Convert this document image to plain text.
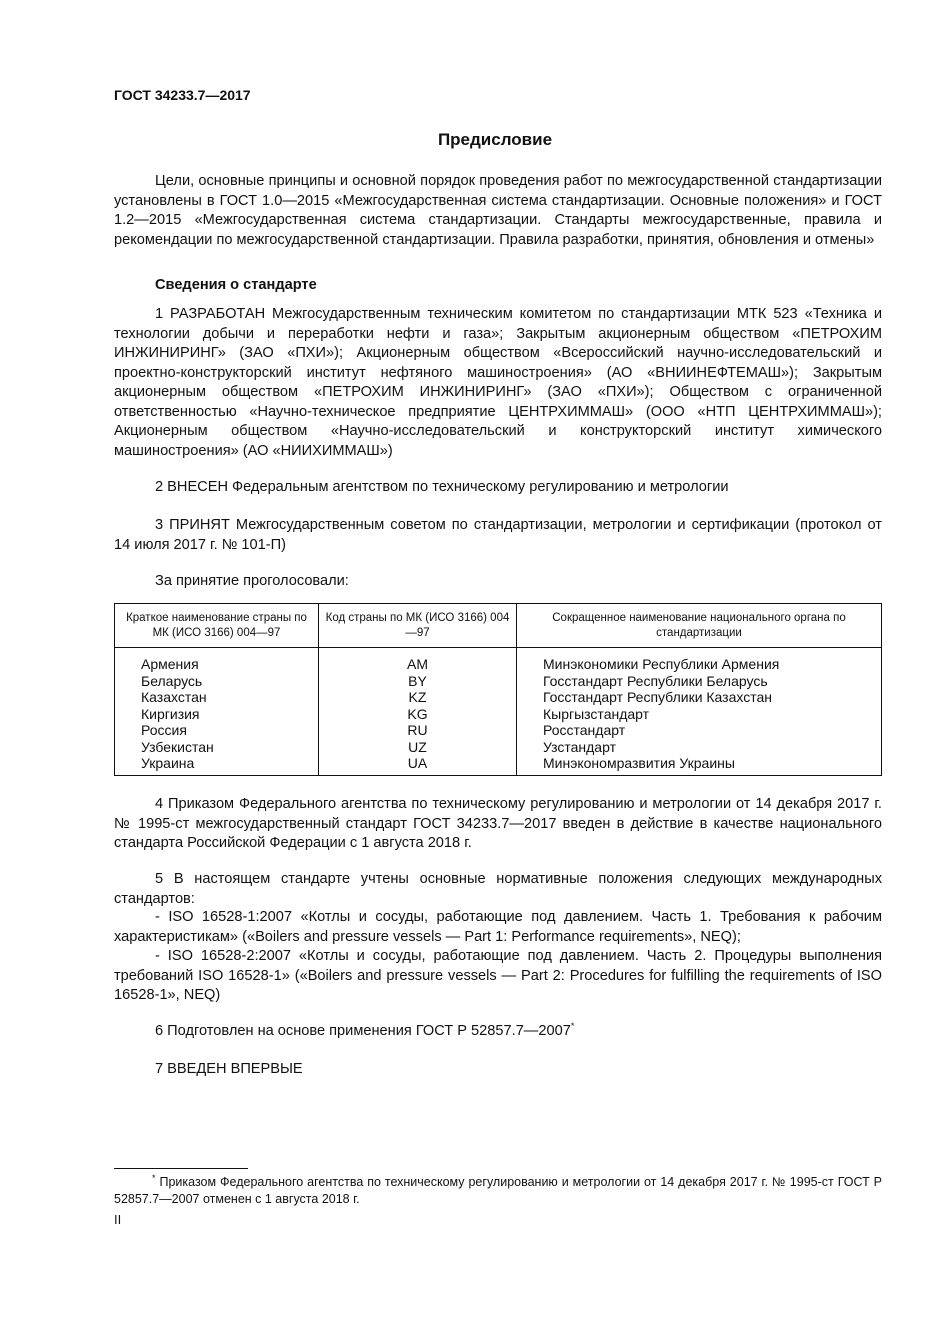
ГОСТ 34233.7—2017
Предисловие
Цели, основные принципы и основной порядок проведения работ по межгосударственной стандартизации установлены в ГОСТ 1.0—2015 «Межгосударственная система стандартизации. Основные положения» и ГОСТ 1.2—2015 «Межгосударственная система стандартизации. Стандарты межгосударственные, правила и рекомендации по межгосударственной стандартизации. Правила разработки, принятия, обновления и отмены»
Сведения о стандарте
1 РАЗРАБОТАН Межгосударственным техническим комитетом по стандартизации МТК 523 «Техника и технологии добычи и переработки нефти и газа»; Закрытым акционерным обществом «ПЕТРОХИМ ИНЖИНИРИНГ» (ЗАО «ПХИ»); Акционерным обществом «Всероссийский научно-исследовательский и проектно-конструкторский институт нефтяного машиностроения» (АО «ВНИИНЕФТЕМАШ»); Закрытым акционерным обществом «ПЕТРОХИМ ИНЖИНИРИНГ» (ЗАО «ПХИ»); Обществом с ограниченной ответственностью «Научно-техническое предприятие ЦЕНТРХИММАШ» (ООО «НТП ЦЕНТРХИММАШ»); Акционерным обществом «Научно-исследовательский и конструкторский институт химического машиностроения» (АО «НИИХИММАШ»)
2 ВНЕСЕН Федеральным агентством по техническому регулированию и метрологии
3 ПРИНЯТ Межгосударственным советом по стандартизации, метрологии и сертификации (протокол от 14 июля 2017 г. № 101-П)
За принятие проголосовали:
Краткое наименование страны по МК (ИСО 3166) 004—97	Код страны по МК (ИСО 3166) 004—97	Сокращенное наименование национального органа по стандартизации
Армения	AM	Минэкономики Республики Армения
Беларусь	BY	Госстандарт Республики Беларусь
Казахстан	KZ	Госстандарт Республики Казахстан
Киргизия	KG	Кыргызстандарт
Россия	RU	Росстандарт
Узбекистан	UZ	Узстандарт
Украина	UA	Минэкономразвития Украины
4 Приказом Федерального агентства по техническому регулированию и метрологии от 14 декабря 2017 г. № 1995-ст межгосударственный стандарт ГОСТ 34233.7—2017 введен в действие в качестве национального стандарта Российской Федерации с 1 августа 2018 г.
5 В настоящем стандарте учтены основные нормативные положения следующих международных стандартов:
- ISO 16528-1:2007 «Котлы и сосуды, работающие под давлением. Часть 1. Требования к рабочим характеристикам» («Boilers and pressure vessels — Part 1: Performance requirements», NEQ);
- ISO 16528-2:2007 «Котлы и сосуды, работающие под давлением. Часть 2. Процедуры выполнения требований ISO 16528-1» («Boilers and pressure vessels — Part 2: Procedures for fulfilling the requirements of ISO 16528-1», NEQ)
6 Подготовлен на основе применения ГОСТ Р 52857.7—2007*
7 ВВЕДЕН ВПЕРВЫЕ
* Приказом Федерального агентства по техническому регулированию и метрологии от 14 декабря 2017 г. № 1995-ст ГОСТ Р 52857.7—2007 отменен с 1 августа 2018 г.
II
